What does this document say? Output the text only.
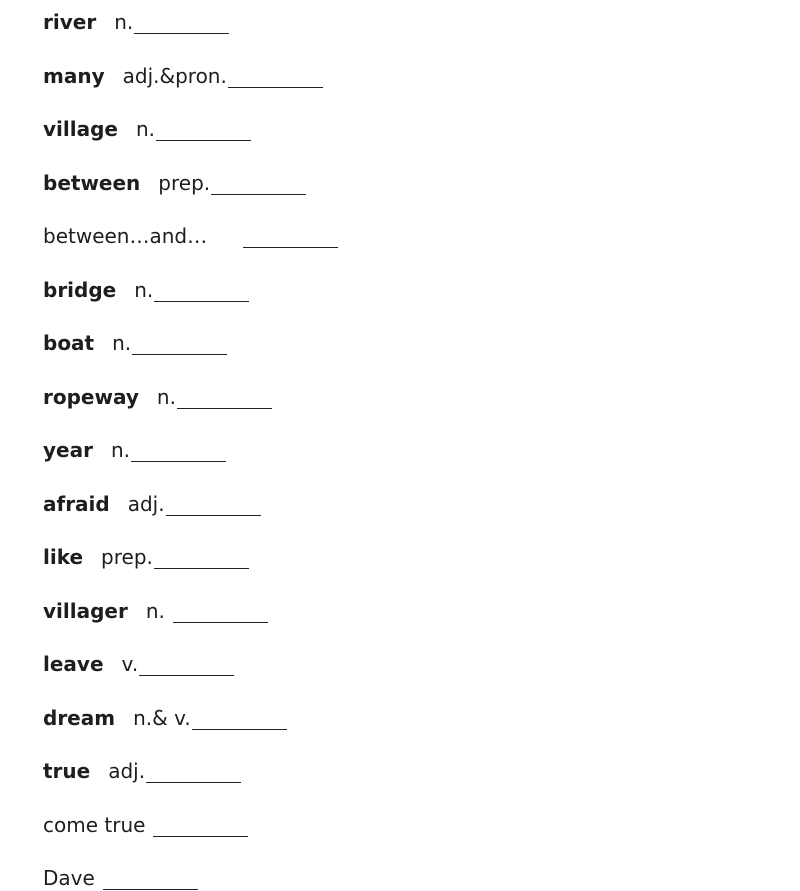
river n.
many adj.&pron.
village n.
between prep.
between…and…
bridge n.
boat n.
ropeway n.
year n.
afraid adj.
like prep.
villager n.
leave v.
dream n.& v.
true adj.
come true
Dave
